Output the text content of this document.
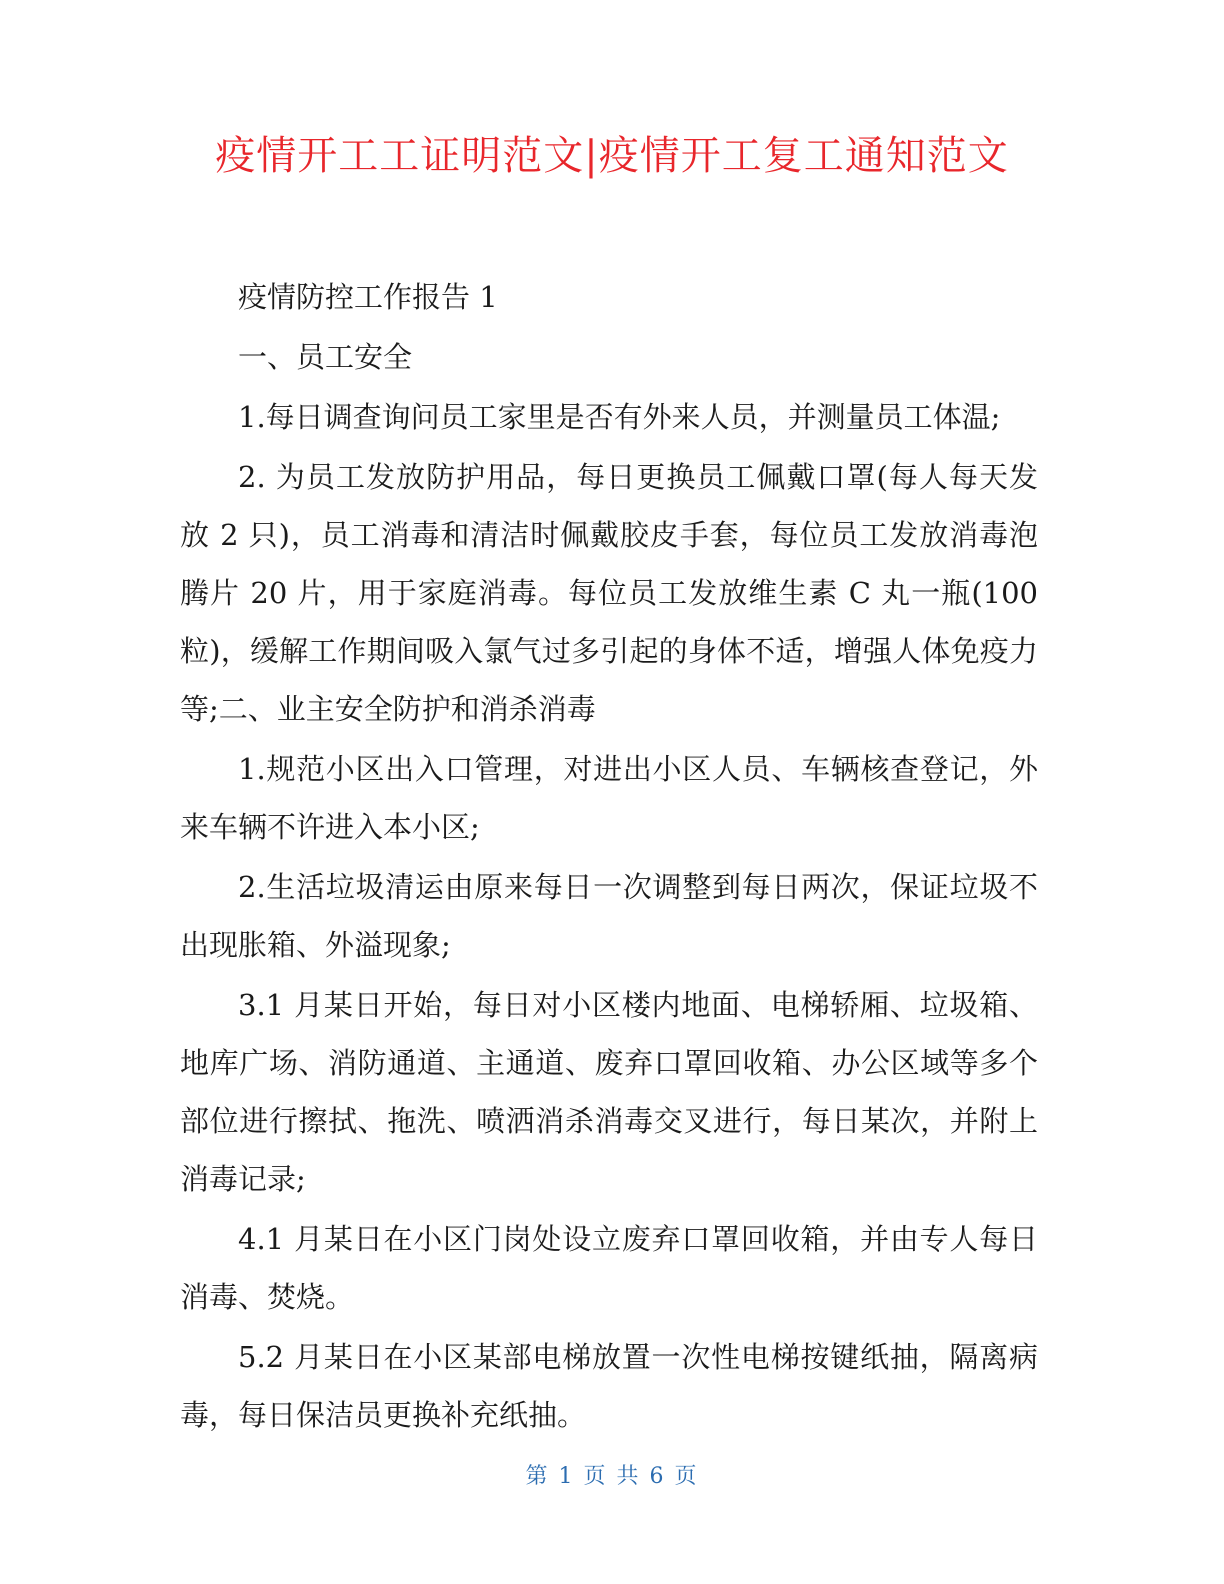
疫情开工工证明范文|疫情开工复工通知范文

疫情防控工作报告 1

一、员工安全

1.每日调查询问员工家里是否有外来人员，并测量员工体温;

2. 为员工发放防护用品，每日更换员工佩戴口罩(每人每天发放 2 只)，员工消毒和清洁时佩戴胶皮手套，每位员工发放消毒泡腾片 20 片，用于家庭消毒。每位员工发放维生素 C 丸一瓶(100粒)，缓解工作期间吸入氯气过多引起的身体不适，增强人体免疫力等;二、业主安全防护和消杀消毒

1.规范小区出入口管理，对进出小区人员、车辆核查登记，外来车辆不许进入本小区;

2.生活垃圾清运由原来每日一次调整到每日两次，保证垃圾不出现胀箱、外溢现象;

3.1 月某日开始，每日对小区楼内地面、电梯轿厢、垃圾箱、地库广场、消防通道、主通道、废弃口罩回收箱、办公区域等多个部位进行擦拭、拖洗、喷洒消杀消毒交叉进行，每日某次，并附上消毒记录;

4.1 月某日在小区门岗处设立废弃口罩回收箱，并由专人每日消毒、焚烧。

5.2 月某日在小区某部电梯放置一次性电梯按键纸抽，隔离病毒，每日保洁员更换补充纸抽。

第 1 页 共 6 页
